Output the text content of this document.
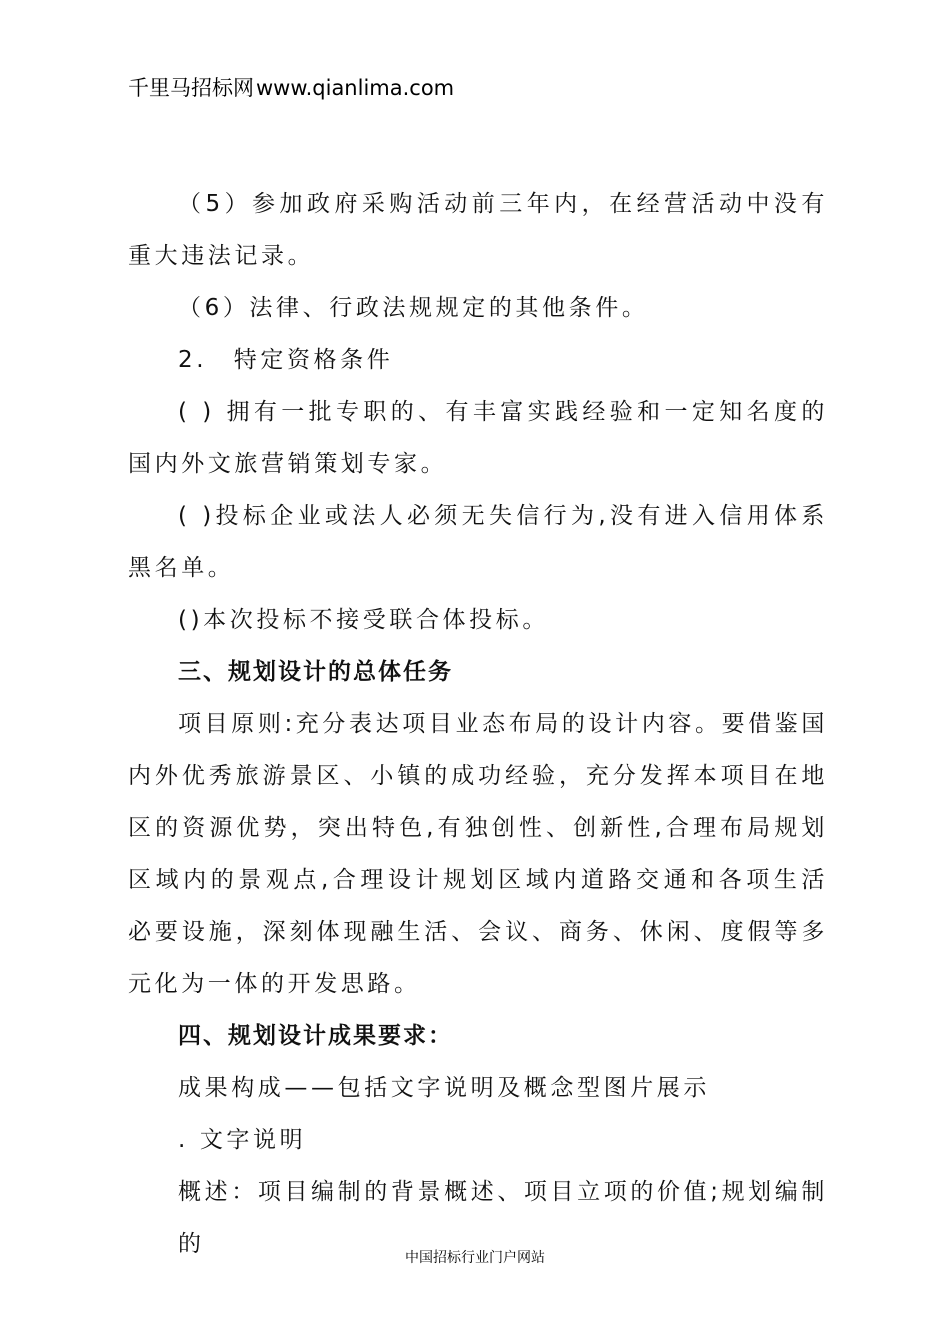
千里马招标网www.qianlima.com

（5）参加政府采购活动前三年内，在经营活动中没有重大违法记录。

（6）法律、行政法规规定的其他条件。

2.　特定资格条件

( ) 拥有一批专职的、有丰富实践经验和一定知名度的国内外文旅营销策划专家。

( )投标企业或法人必须无失信行为,没有进入信用体系黑名单。

()本次投标不接受联合体投标。

三、规划设计的总体任务

项目原则:充分表达项目业态布局的设计内容。要借鉴国内外优秀旅游景区、小镇的成功经验，充分发挥本项目在地区的资源优势，突出特色,有独创性、创新性,合理布局规划区域内的景观点,合理设计规划区域内道路交通和各项生活必要设施，深刻体现融生活、会议、商务、休闲、度假等多元化为一体的开发思路。

四、规划设计成果要求：

成果构成——包括文字说明及概念型图片展示

. 文字说明

概述：项目编制的背景概述、项目立项的价值;规划编制的

中国招标行业门户网站
